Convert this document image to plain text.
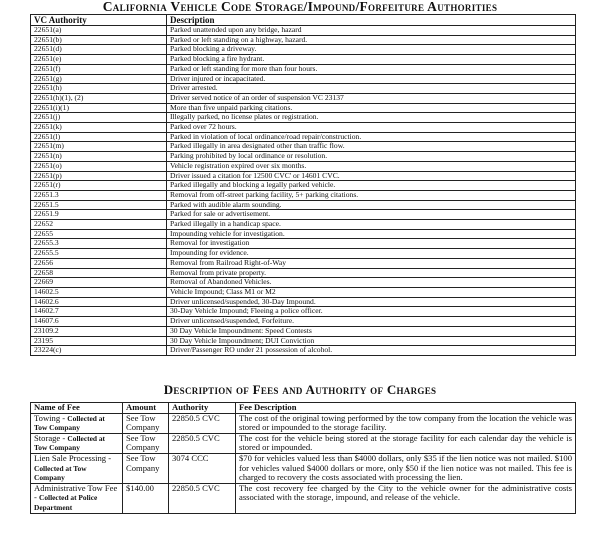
California Vehicle Code Storage/Impound/Forfeiture Authorities
VC Authority	Description
22651(a)	Parked unattended upon any bridge, hazard
22651(b)	Parked or left standing on a highway, hazard.
22651(d)	Parked blocking a driveway.
22651(e)	Parked blocking a fire hydrant.
22651(f)	Parked or left standing for more than four hours.
22651(g)	Driver injured or incapacitated.
22651(h)	Driver arrested.
22651(h)(1), (2)	Driver served notice of an order of suspension VC 23137
22651(i)(1)	More than five unpaid parking citations.
22651(j)	Illegally parked, no license plates or registration.
22651(k)	Parked over 72 hours.
22651(l)	Parked in violation of local ordinance/road repair/construction.
22651(m)	Parked illegally in area designated other than traffic flow.
22651(n)	Parking prohibited by local ordinance or resolution.
22651(o)	Vehicle registration expired over six months.
22651(p)	Driver issued a citation for 12500 CVC' or 14601 CVC.
22651(r)	Parked illegally and blocking a legally parked vehicle.
22651.3	Removal from off-street parking facility, 5+ parking citations.
22651.5	Parked with audible alarm sounding.
22651.9	Parked for sale or advertisement.
22652	Parked illegally in a handicap space.
22655	Impounding vehicle for investigation.
22655.3	Removal for investigation
22655.5	Impounding for evidence.
22656	Removal from Railroad Right-of-Way
22658	Removal from private property.
22669	Removal of Abandoned Vehicles.
14602.5	Vehicle Impound; Class M1 or M2
14602.6	Driver unlicensed/suspended, 30-Day Impound.
14602.7	30-Day Vehicle Impound; Fleeing a police officer.
14607.6	Driver unlicensed/suspended, Forfeiture.
23109.2	30 Day Vehicle Impoundment: Speed Contests
23195	30 Day Vehicle Impoundment; DUI Conviction
23224(c)	Driver/Passenger RO under 21 possession of alcohol.
Description of Fees and Authority of Charges
Name of Fee	Amount	Authority	Fee Description
Towing - Collected at Tow Company	See Tow Company	22850.5 CVC	The cost of the original towing performed by the tow company from the location the vehicle was stored or impounded to the storage facility.
Storage - Collected at Tow Company	See Tow Company	22850.5 CVC	The cost for the vehicle being stored at the storage facility for each calendar day the vehicle is stored or impounded.
Lien Sale Processing - Collected at Tow Company	See Tow Company	3074 CCC	$70 for vehicles valued less than $4000 dollars, only $35 if the lien notice was not mailed. $100 for vehicles valued $4000 dollars or more, only $50 if the lien notice was not mailed. This fee is charged to recovery the costs associated with processing the lien.
Administrative Tow Fee - Collected at Police Department	$140.00	22850.5 CVC	The cost recovery fee charged by the City to the vehicle owner for the administrative costs associated with the storage, impound, and release of the vehicle.
